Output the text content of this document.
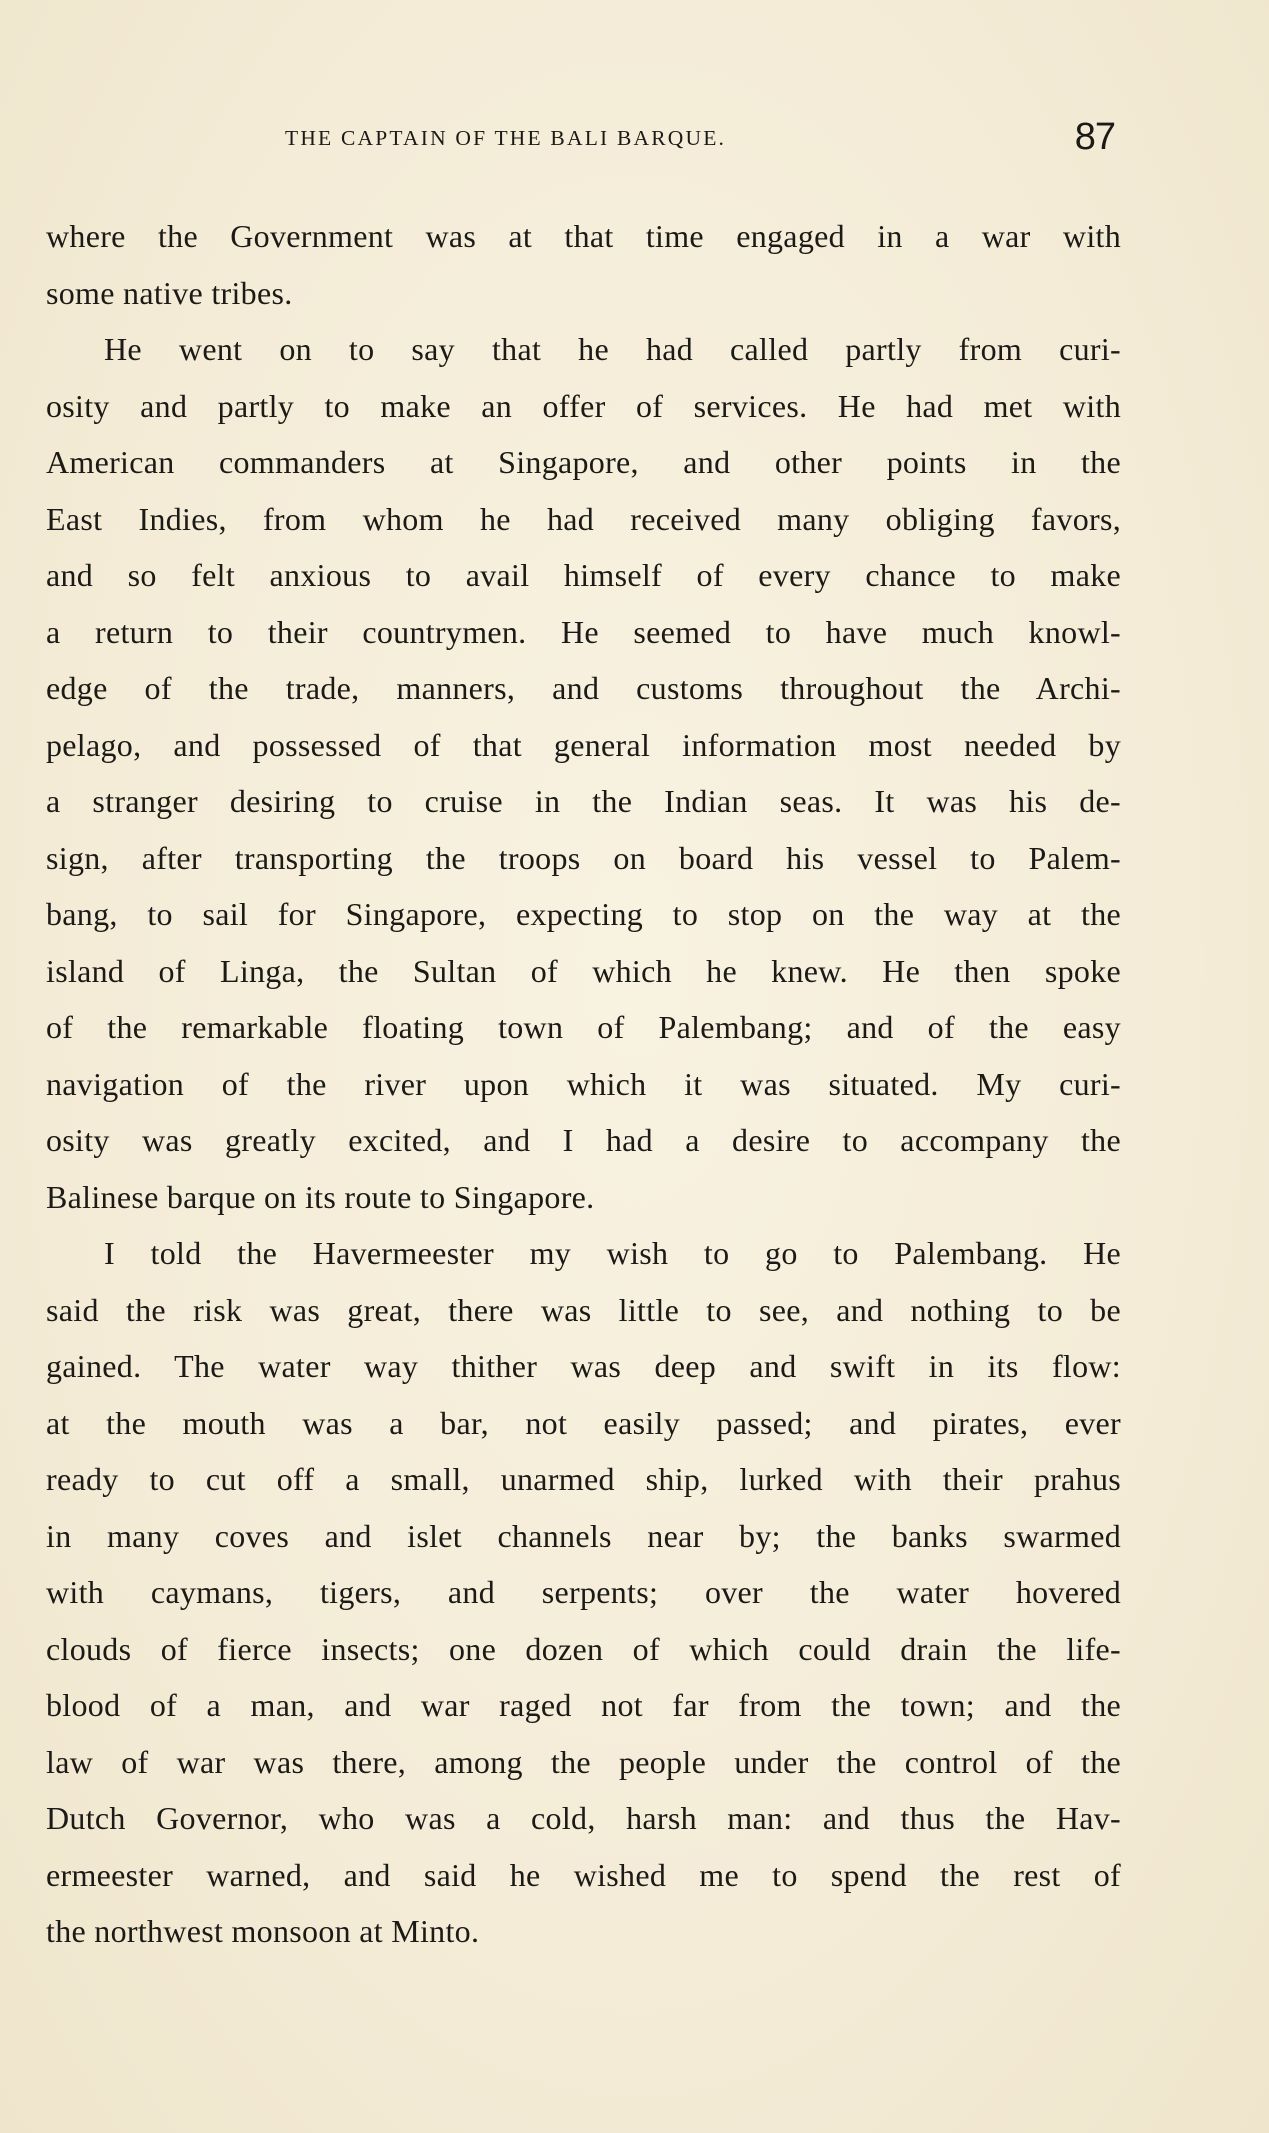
THE CAPTAIN OF THE BALI BARQUE.	87
where the Government was at that time engaged in a war with
some native tribes.
He went on to say that he had called partly from curi-
osity and partly to make an offer of services. He had met with
American commanders at Singapore, and other points in the
East Indies, from whom he had received many obliging favors,
and so felt anxious to avail himself of every chance to make
a return to their countrymen. He seemed to have much knowl-
edge of the trade, manners, and customs throughout the Archi-
pelago, and possessed of that general information most needed by
a stranger desiring to cruise in the Indian seas. It was his de-
sign, after transporting the troops on board his vessel to Palem-
bang, to sail for Singapore, expecting to stop on the way at the
island of Linga, the Sultan of which he knew. He then spoke
of the remarkable floating town of Palembang; and of the easy
navigation of the river upon which it was situated. My curi-
osity was greatly excited, and I had a desire to accompany the
Balinese barque on its route to Singapore.
I told the Havermeester my wish to go to Palembang. He
said the risk was great, there was little to see, and nothing to be
gained. The water way thither was deep and swift in its flow:
at the mouth was a bar, not easily passed; and pirates, ever
ready to cut off a small, unarmed ship, lurked with their prahus
in many coves and islet channels near by; the banks swarmed
with caymans, tigers, and serpents; over the water hovered
clouds of fierce insects; one dozen of which could drain the life-
blood of a man, and war raged not far from the town; and the
law of war was there, among the people under the control of the
Dutch Governor, who was a cold, harsh man: and thus the Hav-
ermeester warned, and said he wished me to spend the rest of
the northwest monsoon at Minto.
